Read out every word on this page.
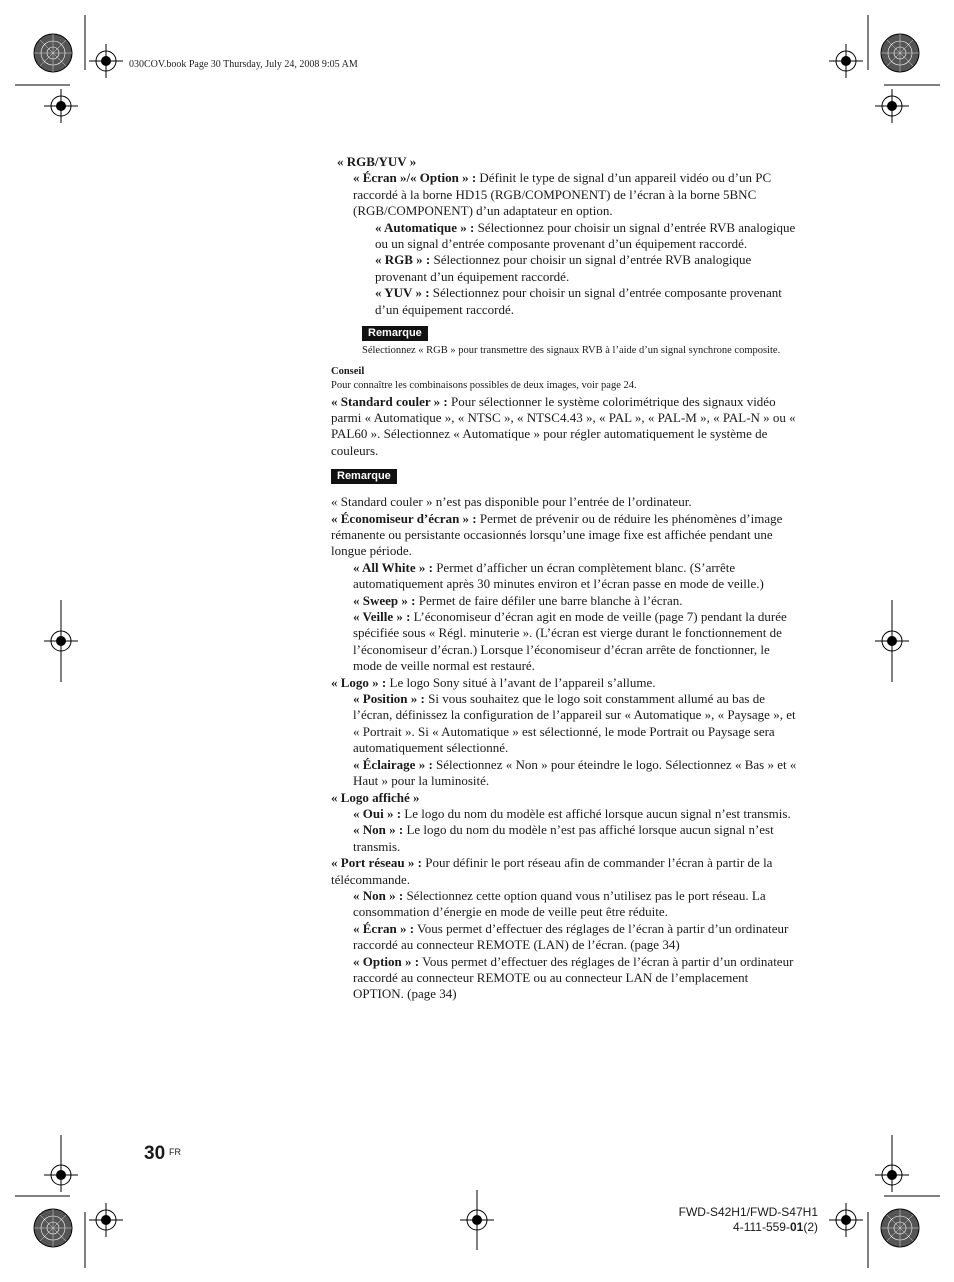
030COV.book Page 30 Thursday, July 24, 2008 9:05 AM

« RGB/YUV »

« Écran »/« Option » : Définit le type de signal d’un appareil vidéo ou d’un PC raccordé à la borne HD15 (RGB/COMPONENT) de l’écran à la borne 5BNC (RGB/COMPONENT) d’un adaptateur en option.

« Automatique » : Sélectionnez pour choisir un signal d’entrée RVB analogique ou un signal d’entrée composante provenant d’un équipement raccordé.

« RGB » : Sélectionnez pour choisir un signal d’entrée RVB analogique provenant d’un équipement raccordé.

« YUV » : Sélectionnez pour choisir un signal d’entrée composante provenant d’un équipement raccordé.

Remarque

Sélectionnez « RGB » pour transmettre des signaux RVB à l’aide d’un signal synchrone composite.

Conseil

Pour connaître les combinaisons possibles de deux images, voir page 24.

« Standard couler » : Pour sélectionner le système colorimétrique des signaux vidéo parmi « Automatique », « NTSC », « NTSC4.43 », « PAL », « PAL-M », « PAL-N » ou « PAL60 ». Sélectionnez « Automatique » pour régler automatiquement le système de couleurs.

Remarque

« Standard couler » n’est pas disponible pour l’entrée de l’ordinateur.

« Économiseur d’écran » : Permet de prévenir ou de réduire les phénomènes d’image rémanente ou persistante occasionnés lorsqu’une image fixe est affichée pendant une longue période.

« All White » : Permet d’afficher un écran complètement blanc. (S’arrête automatiquement après 30 minutes environ et l’écran passe en mode de veille.)

« Sweep » : Permet de faire défiler une barre blanche à l’écran.

« Veille » : L’économiseur d’écran agit en mode de veille (page 7) pendant la durée spécifiée sous « Régl. minuterie ». (L’écran est vierge durant le fonctionnement de l’économiseur d’écran.) Lorsque l’économiseur d’écran arrête de fonctionner, le mode de veille normal est restauré.

« Logo » : Le logo Sony situé à l’avant de l’appareil s’allume.

« Position » : Si vous souhaitez que le logo soit constamment allumé au bas de l’écran, définissez la configuration de l’appareil sur « Automatique », « Paysage », et « Portrait ». Si « Automatique » est sélectionné, le mode Portrait ou Paysage sera automatiquement sélectionné.

« Éclairage » : Sélectionnez « Non » pour éteindre le logo. Sélectionnez « Bas » et « Haut » pour la luminosité.

« Logo affiché »

« Oui » : Le logo du nom du modèle est affiché lorsque aucun signal n’est transmis.

« Non » : Le logo du nom du modèle n’est pas affiché lorsque aucun signal n’est transmis.

« Port réseau » : Pour définir le port réseau afin de commander l’écran à partir de la télécommande.

« Non » : Sélectionnez cette option quand vous n’utilisez pas le port réseau. La consommation d’énergie en mode de veille peut être réduite.

« Écran » : Vous permet d’effectuer des réglages de l’écran à partir d’un ordinateur raccordé au connecteur REMOTE (LAN) de l’écran. (page 34)

« Option » : Vous permet d’effectuer des réglages de l’écran à partir d’un ordinateur raccordé au connecteur REMOTE ou au connecteur LAN de l’emplacement OPTION. (page 34)

30 FR
FWD-S42H1/FWD-S47H1
4-111-559-01(2)
